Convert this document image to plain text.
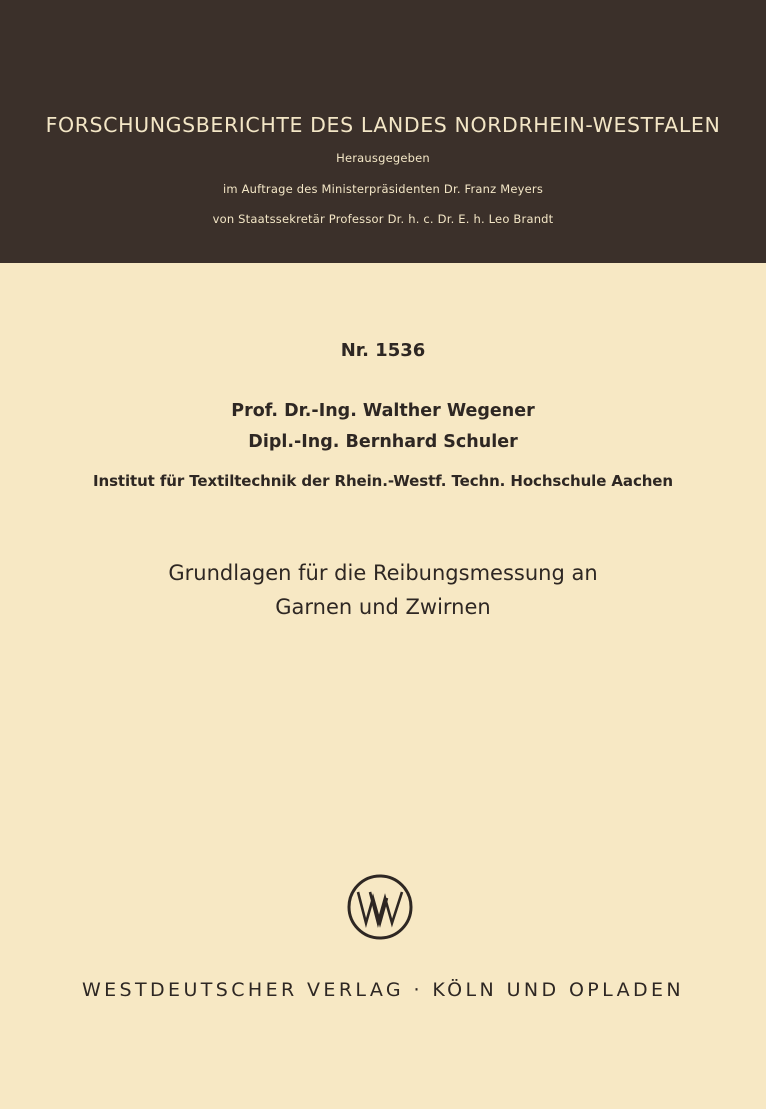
FORSCHUNGSBERICHTE DES LANDES NORDRHEIN-WESTFALEN
Herausgegeben
im Auftrage des Ministerpräsidenten Dr. Franz Meyers
von Staatssekretär Professor Dr. h. c. Dr. E. h. Leo Brandt
Nr. 1536
Prof. Dr.-Ing. Walther Wegener
Dipl.-Ing. Bernhard Schuler
Institut für Textiltechnik der Rhein.-Westf. Techn. Hochschule Aachen
Grundlagen für die Reibungsmessung an
Garnen und Zwirnen
WESTDEUTSCHER VERLAG · KÖLN UND OPLADEN
